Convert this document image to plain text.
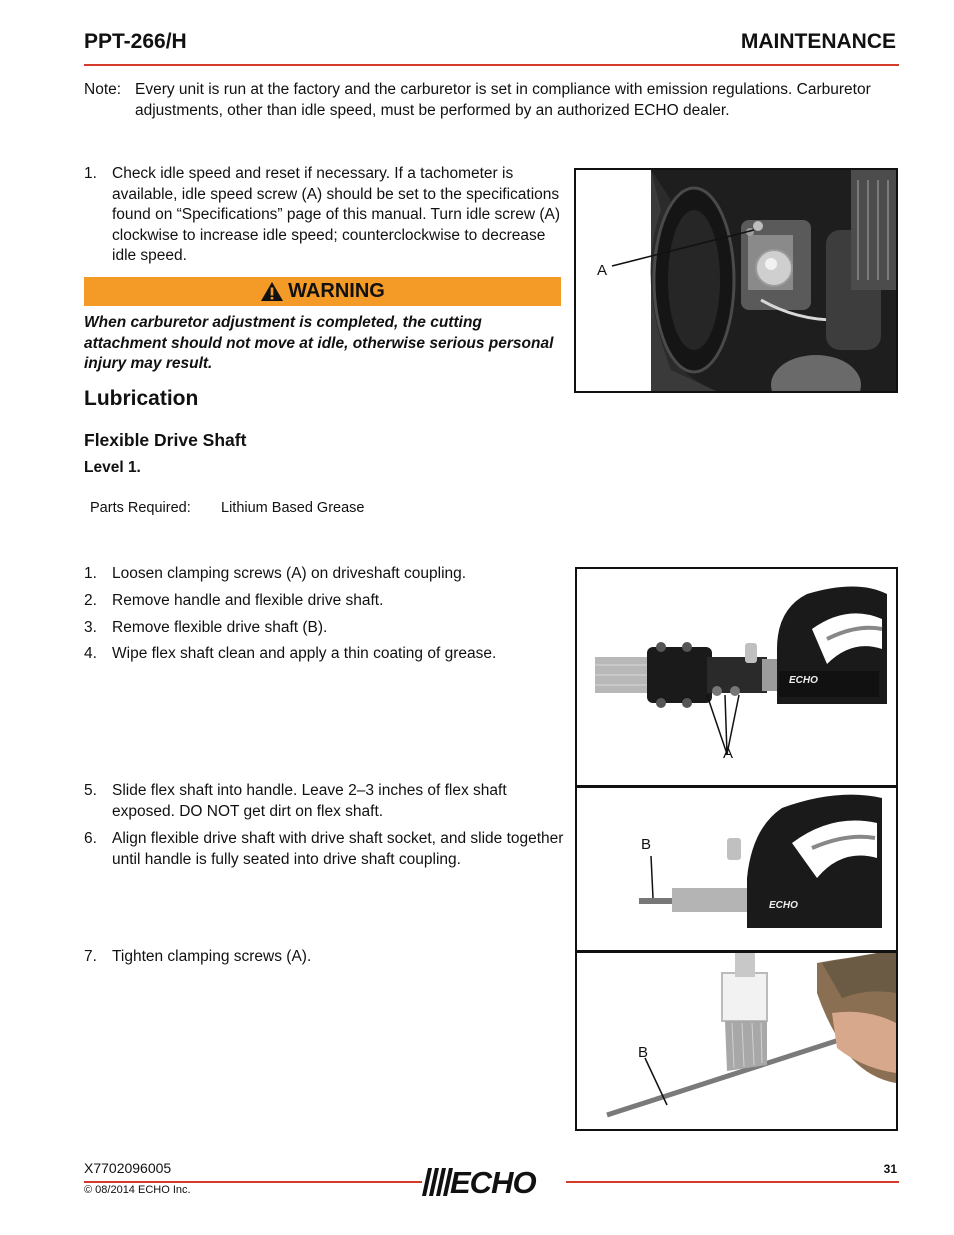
PPT-266/H	MAINTENANCE
Note: Every unit is run at the factory and the carburetor is set in compliance with emission regulations. Carburetor adjustments, other than idle speed, must be performed by an authorized ECHO dealer.
1. Check idle speed and reset if necessary. If a tachometer is available, idle speed screw (A) should be set to the specifications found on “Specifications” page of this manual. Turn idle screw (A) clockwise to increase idle speed; counterclockwise to decrease idle speed.
WARNING
When carburetor adjustment is completed, the cutting attachment should not move at idle, otherwise serious personal injury may result.
A
Lubrication
Flexible Drive Shaft
Level 1.
Parts Required: Lithium Based Grease
1. Loosen clamping screws (A) on driveshaft coupling.
2. Remove handle and flexible drive shaft.
3. Remove flexible drive shaft (B).
4. Wipe flex shaft clean and apply a thin coating of grease.
5. Slide flex shaft into handle. Leave 2–3 inches of flex shaft exposed. DO NOT get dirt on flex shaft.
6. Align flexible drive shaft with drive shaft socket, and slide together until handle is fully seated into drive shaft coupling.
7. Tighten clamping screws (A).
ECHO
A
ECHO
B
B
X7702096005
© 08/2014 ECHO Inc.
31
ECHO
